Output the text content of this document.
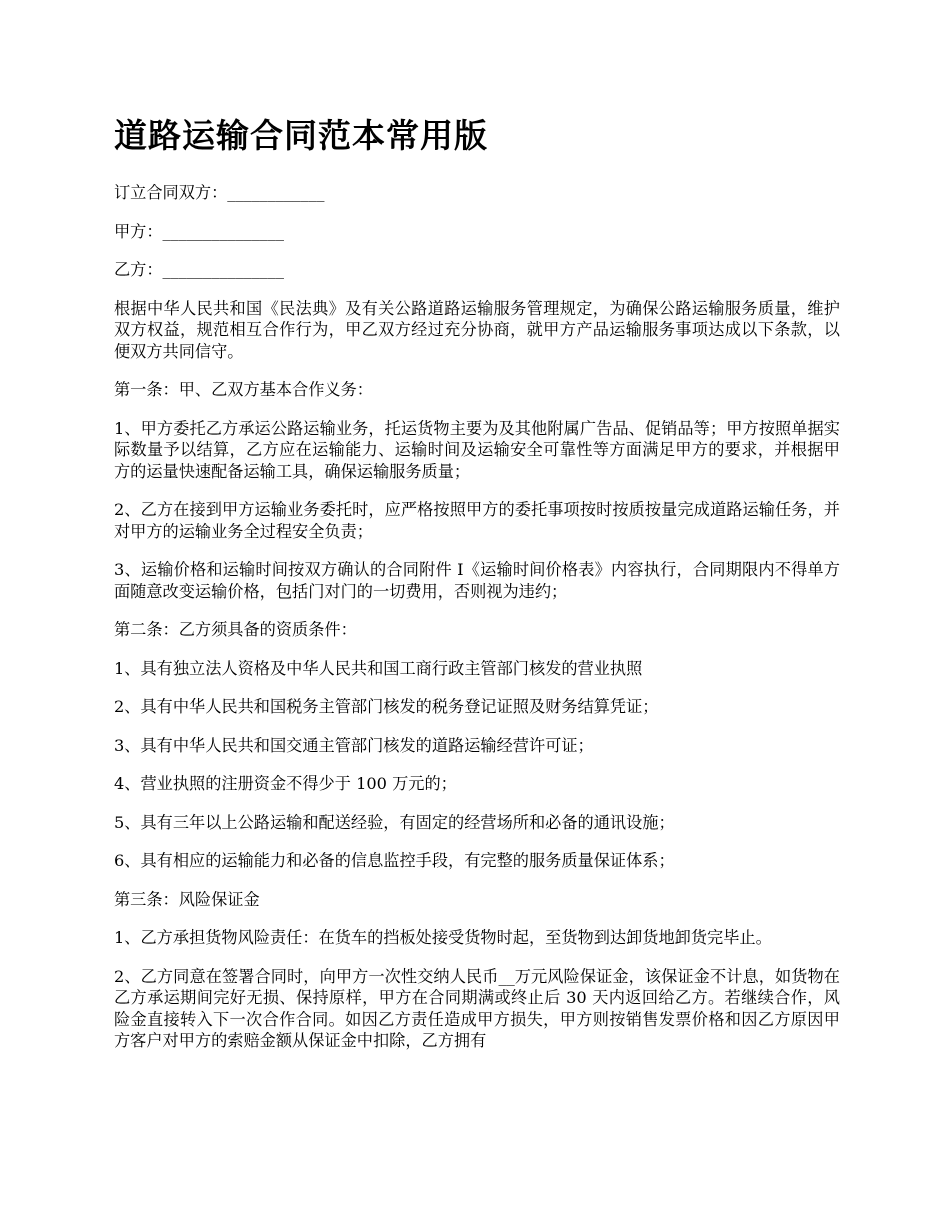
道路运输合同范本常用版

订立合同双方：____________

甲方：_______________

乙方：_______________

根据中华人民共和国《民法典》及有关公路道路运输服务管理规定，为确保公路运输服务质量，维护双方权益，规范相互合作行为，甲乙双方经过充分协商，就甲方产品运输服务事项达成以下条款，以便双方共同信守。

第一条：甲、乙双方基本合作义务：

1、甲方委托乙方承运公路运输业务，托运货物主要为及其他附属广告品、促销品等；甲方按照单据实际数量予以结算，乙方应在运输能力、运输时间及运输安全可靠性等方面满足甲方的要求，并根据甲方的运量快速配备运输工具，确保运输服务质量；

2、乙方在接到甲方运输业务委托时，应严格按照甲方的委托事项按时按质按量完成道路运输任务，并对甲方的运输业务全过程安全负责；

3、运输价格和运输时间按双方确认的合同附件 I《运输时间价格表》内容执行，合同期限内不得单方面随意改变运输价格，包括门对门的一切费用，否则视为违约；

第二条：乙方须具备的资质条件：

1、具有独立法人资格及中华人民共和国工商行政主管部门核发的营业执照

2、具有中华人民共和国税务主管部门核发的税务登记证照及财务结算凭证；

3、具有中华人民共和国交通主管部门核发的道路运输经营许可证；

4、营业执照的注册资金不得少于 100 万元的；

5、具有三年以上公路运输和配送经验，有固定的经营场所和必备的通讯设施；

6、具有相应的运输能力和必备的信息监控手段，有完整的服务质量保证体系；

第三条：风险保证金

1、乙方承担货物风险责任：在货车的挡板处接受货物时起，至货物到达卸货地卸货完毕止。

2、乙方同意在签署合同时，向甲方一次性交纳人民币__万元风险保证金，该保证金不计息，如货物在乙方承运期间完好无损、保持原样，甲方在合同期满或终止后 30 天内返回给乙方。若继续合作，风险金直接转入下一次合作合同。如因乙方责任造成甲方损失，甲方则按销售发票价格和因乙方原因甲方客户对甲方的索赔金额从保证金中扣除，乙方拥有
